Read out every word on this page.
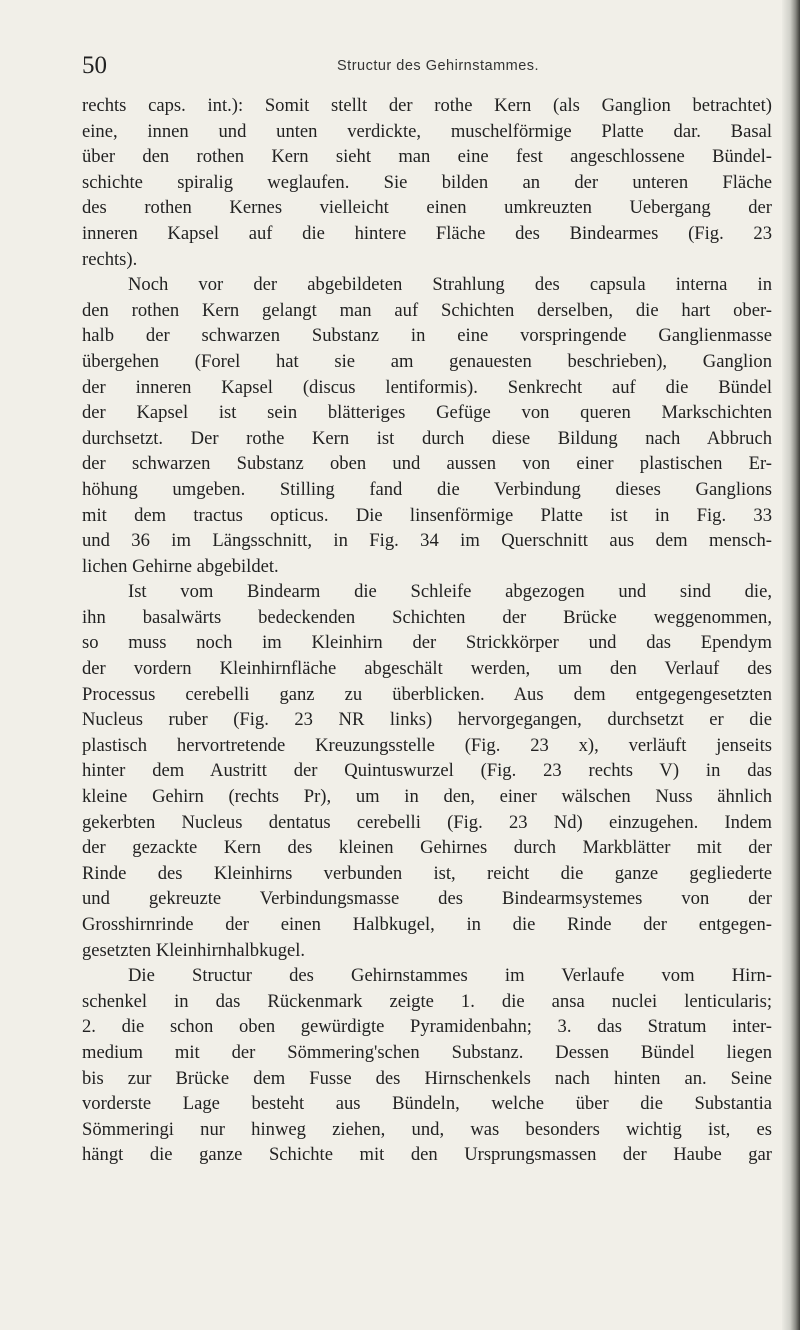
50	Structur des Gehirnstammes.
rechts caps. int.): Somit stellt der rothe Kern (als Ganglion betrachtet)
eine, innen und unten verdickte, muschelförmige Platte dar. Basal
über den rothen Kern sieht man eine fest angeschlossene Bündel-
schichte spiralig weglaufen. Sie bilden an der unteren Fläche
des rothen Kernes vielleicht einen umkreuzten Uebergang der
inneren Kapsel auf die hintere Fläche des Bindearmes (Fig. 23
rechts).
Noch vor der abgebildeten Strahlung des capsula interna in
den rothen Kern gelangt man auf Schichten derselben, die hart ober-
halb der schwarzen Substanz in eine vorspringende Ganglienmasse
übergehen (Forel hat sie am genauesten beschrieben), Ganglion
der inneren Kapsel (discus lentiformis). Senkrecht auf die Bündel
der Kapsel ist sein blätteriges Gefüge von queren Markschichten
durchsetzt. Der rothe Kern ist durch diese Bildung nach Abbruch
der schwarzen Substanz oben und aussen von einer plastischen Er-
höhung umgeben. Stilling fand die Verbindung dieses Ganglions
mit dem tractus opticus. Die linsenförmige Platte ist in Fig. 33
und 36 im Längsschnitt, in Fig. 34 im Querschnitt aus dem mensch-
lichen Gehirne abgebildet.
Ist vom Bindearm die Schleife abgezogen und sind die,
ihn basalwärts bedeckenden Schichten der Brücke weggenommen,
so muss noch im Kleinhirn der Strickkörper und das Ependym
der vordern Kleinhirnfläche abgeschält werden, um den Verlauf des
Processus cerebelli ganz zu überblicken. Aus dem entgegengesetzten
Nucleus ruber (Fig. 23 NR links) hervorgegangen, durchsetzt er die
plastisch hervortretende Kreuzungsstelle (Fig. 23 x), verläuft jenseits
hinter dem Austritt der Quintuswurzel (Fig. 23 rechts V) in das
kleine Gehirn (rechts Pr), um in den, einer wälschen Nuss ähnlich
gekerbten Nucleus dentatus cerebelli (Fig. 23 Nd) einzugehen. Indem
der gezackte Kern des kleinen Gehirnes durch Markblätter mit der
Rinde des Kleinhirns verbunden ist, reicht die ganze gegliederte
und gekreuzte Verbindungsmasse des Bindearmsystemes von der
Grosshirnrinde der einen Halbkugel, in die Rinde der entgegen-
gesetzten Kleinhirnhalbkugel.
Die Structur des Gehirnstammes im Verlaufe vom Hirn-
schenkel in das Rückenmark zeigte 1. die ansa nuclei lenticularis;
2. die schon oben gewürdigte Pyramidenbahn; 3. das Stratum inter-
medium mit der Sömmering'schen Substanz. Dessen Bündel liegen
bis zur Brücke dem Fusse des Hirnschenkels nach hinten an. Seine
vorderste Lage besteht aus Bündeln, welche über die Substantia
Sömmeringi nur hinweg ziehen, und, was besonders wichtig ist, es
hängt die ganze Schichte mit den Ursprungsmassen der Haube gar
